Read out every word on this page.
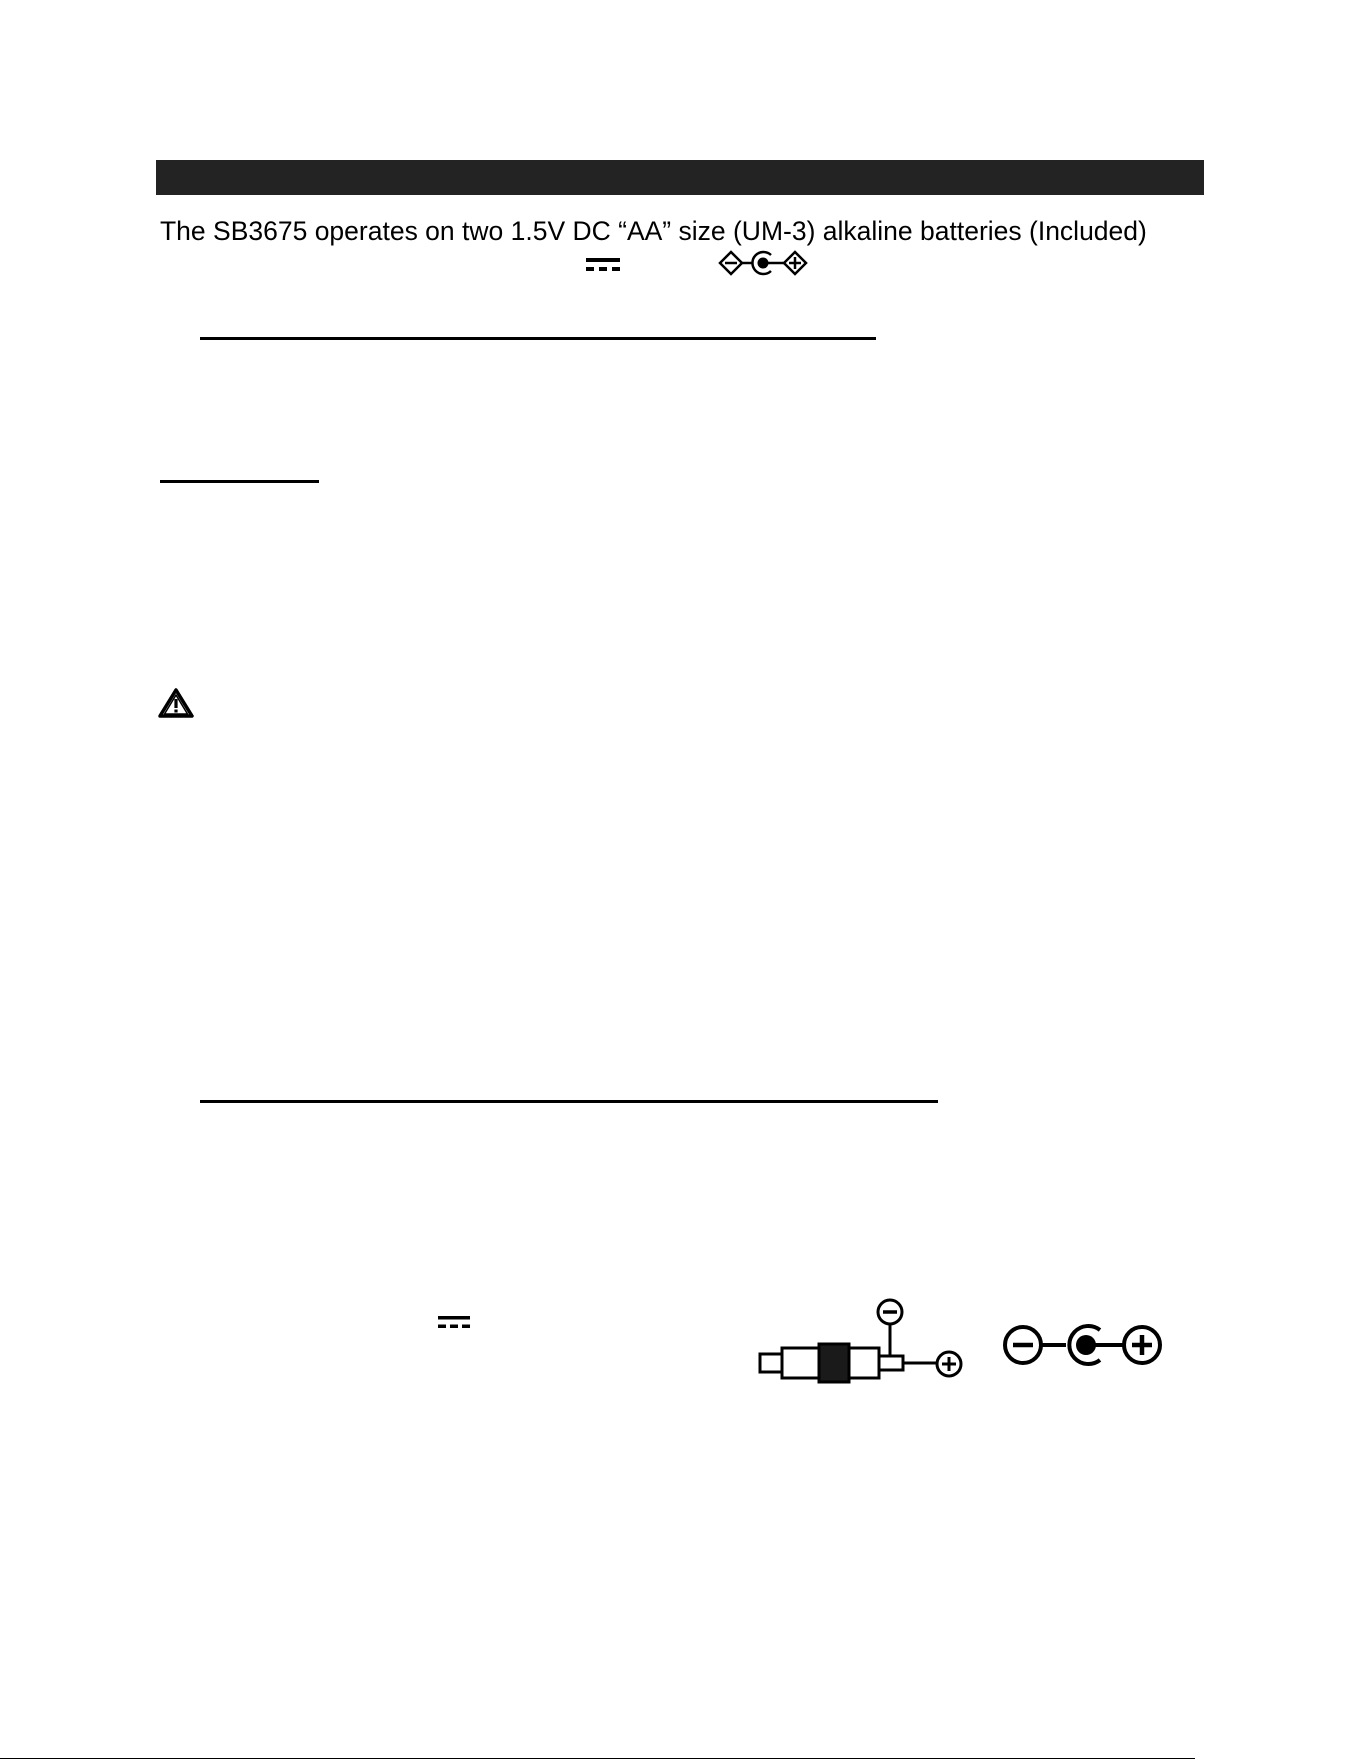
The SB3675 operates on two 1.5V DC “AA” size (UM-3) alkaline batteries (Included)
